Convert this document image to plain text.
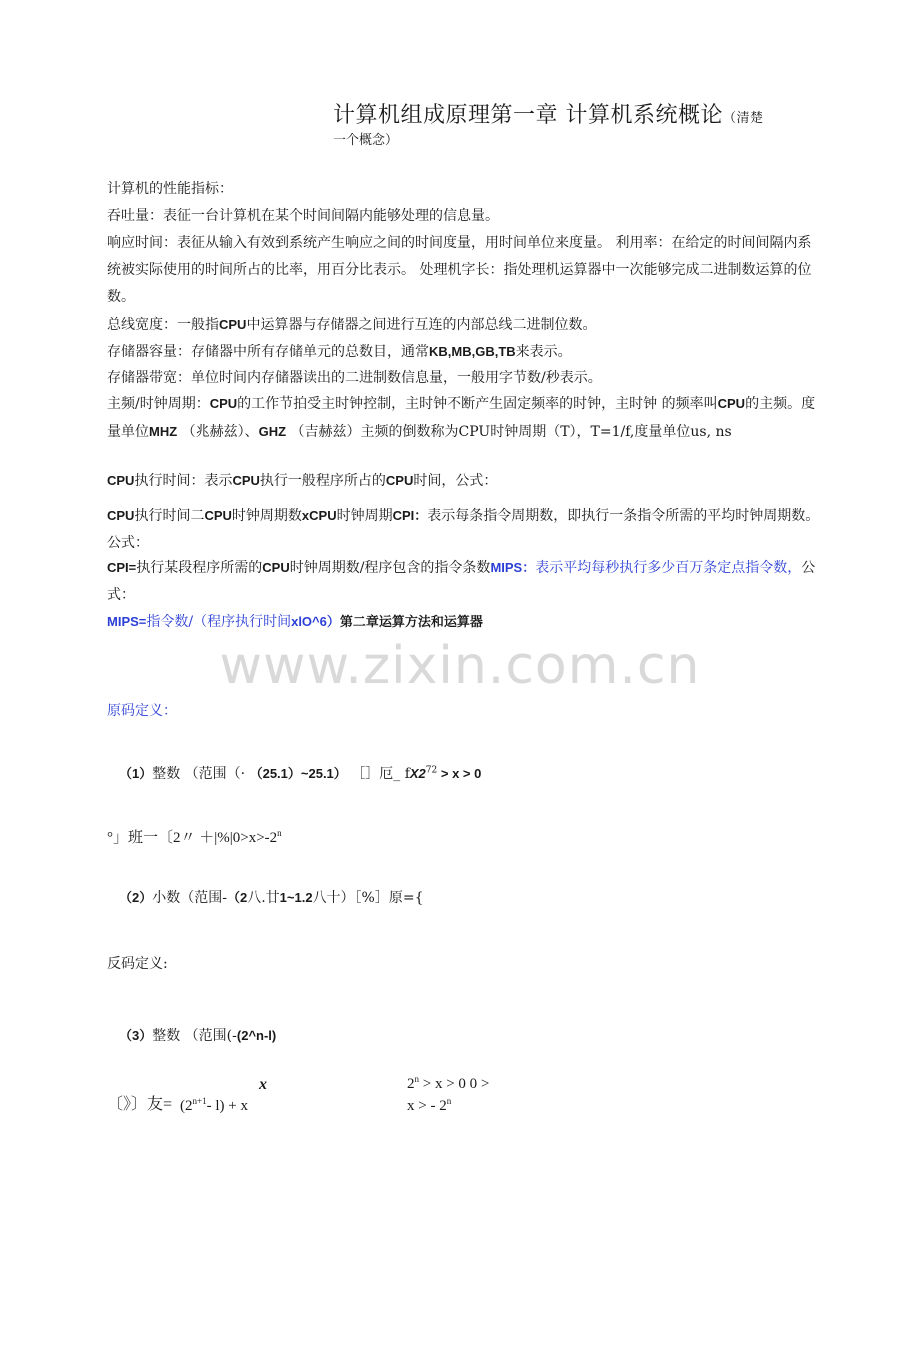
计算机组成原理第一章 计算机系统概论（清楚
一个概念）
计算机的性能指标：
吞吐量：表征一台计算机在某个时间间隔内能够处理的信息量。
响应时间：表征从输入有效到系统产生响应之间的时间度量，用时间单位来度量。 利用率：在给定的时间间隔内系统被实际使用的时间所占的比率，用百分比表示。 处理机字长：指处理机运算器中一次能够完成二进制数运算的位数。
总线宽度：一般指CPU中运算器与存储器之间进行互连的内部总线二进制位数。
存储器容量：存储器中所有存储单元的总数目，通常KB,MB,GB,TB来表示。
存储器带宽：单位时间内存储器读出的二进制数信息量，一般用字节数/秒表示。
主频/时钟周期：CPU的工作节拍受主时钟控制，主时钟不断产生固定频率的时钟，主时钟 的频率叫CPU的主频。度量单位MHZ （兆赫兹）、GHZ （吉赫兹）主频的倒数称为CPU时钟周期（T），T=1/f,度量单位us, ns
CPU执行时间：表示CPU执行一般程序所占的CPU时间，公式：
CPU执行时间二CPU时钟周期数xCPU时钟周期CPI：表示每条指令周期数，即执行一条指令所需的平均时钟周期数。公式：
CPI=执行某段程序所需的CPU时钟周期数/程序包含的指令条数MIPS：表示平均每秒执行多少百万条定点指令数，公式：
MIPS=指令数/（程序执行时间xlO^6）第二章运算方法和运算器
www.zixin.com.cn
原码定义：
（1）整数 （范围（· （25.1）~25.1） ［］厄_ $fX2^{72} > x > 0$
°」班一〔2〃 $+|\%|0>x>-2^n$
（2）小数（范围-（2八.廿1~1.2八十）［%］原={
反码定义:
（3）整数 （范围(-(2^n-l)
x
〔》〕友= ($2^{n+1}-$ l) + x
$2^n > x > 0$ 0 >
x > - 2$^n$
